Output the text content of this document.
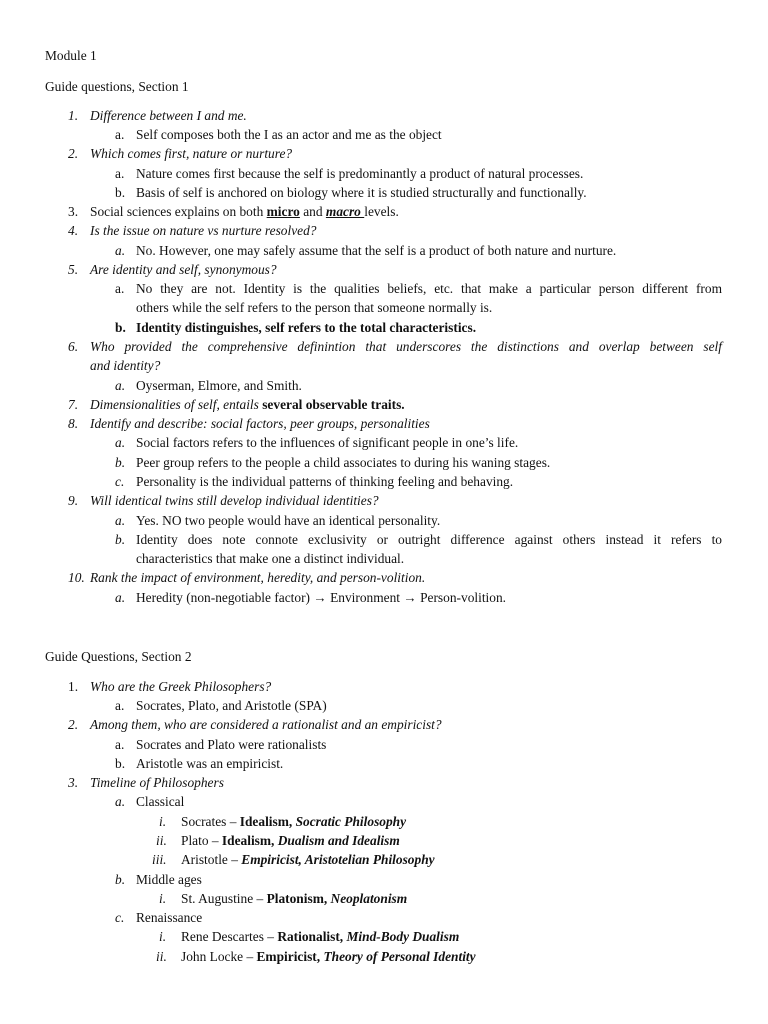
Module 1
Guide questions, Section 1
1. Difference between I and me.
a. Self composes both the I as an actor and me as the object
2. Which comes first, nature or nurture?
a. Nature comes first because the self is predominantly a product of natural processes.
b. Basis of self is anchored on biology where it is studied structurally and functionally.
3. Social sciences explains on both micro and macro levels.
4. Is the issue on nature vs nurture resolved?
a. No. However, one may safely assume that the self is a product of both nature and nurture.
5. Are identity and self, synonymous?
a. No they are not. Identity is the qualities beliefs, etc. that make a particular person different from
others while the self refers to the person that someone normally is.
b. Identity distinguishes, self refers to the total characteristics.
6. Who provided the comprehensive definintion that underscores the distinctions and overlap between self
and identity?
a. Oyserman, Elmore, and Smith.
7. Dimensionalities of self, entails several observable traits.
8. Identify and describe: social factors, peer groups, personalities
a. Social factors refers to the influences of significant people in one’s life.
b. Peer group refers to the people a child associates to during his waning stages.
c. Personality is the individual patterns of thinking feeling and behaving.
9. Will identical twins still develop individual identities?
a. Yes. NO two people would have an identical personality.
b. Identity does note connote exclusivity or outright difference against others instead it refers to
characteristics that make one a distinct individual.
10. Rank the impact of environment, heredity, and person-volition.
a. Heredity (non-negotiable factor) → Environment → Person-volition.
Guide Questions, Section 2
1. Who are the Greek Philosophers?
a. Socrates, Plato, and Aristotle (SPA)
2. Among them, who are considered a rationalist and an empiricist?
a. Socrates and Plato were rationalists
b. Aristotle was an empiricist.
3. Timeline of Philosophers
a. Classical
i. Socrates – Idealism, Socratic Philosophy
ii. Plato – Idealism, Dualism and Idealism
iii. Aristotle – Empiricist, Aristotelian Philosophy
b. Middle ages
i. St. Augustine – Platonism, Neoplatonism
c. Renaissance
i. Rene Descartes – Rationalist, Mind-Body Dualism
ii. John Locke – Empiricist, Theory of Personal Identity
